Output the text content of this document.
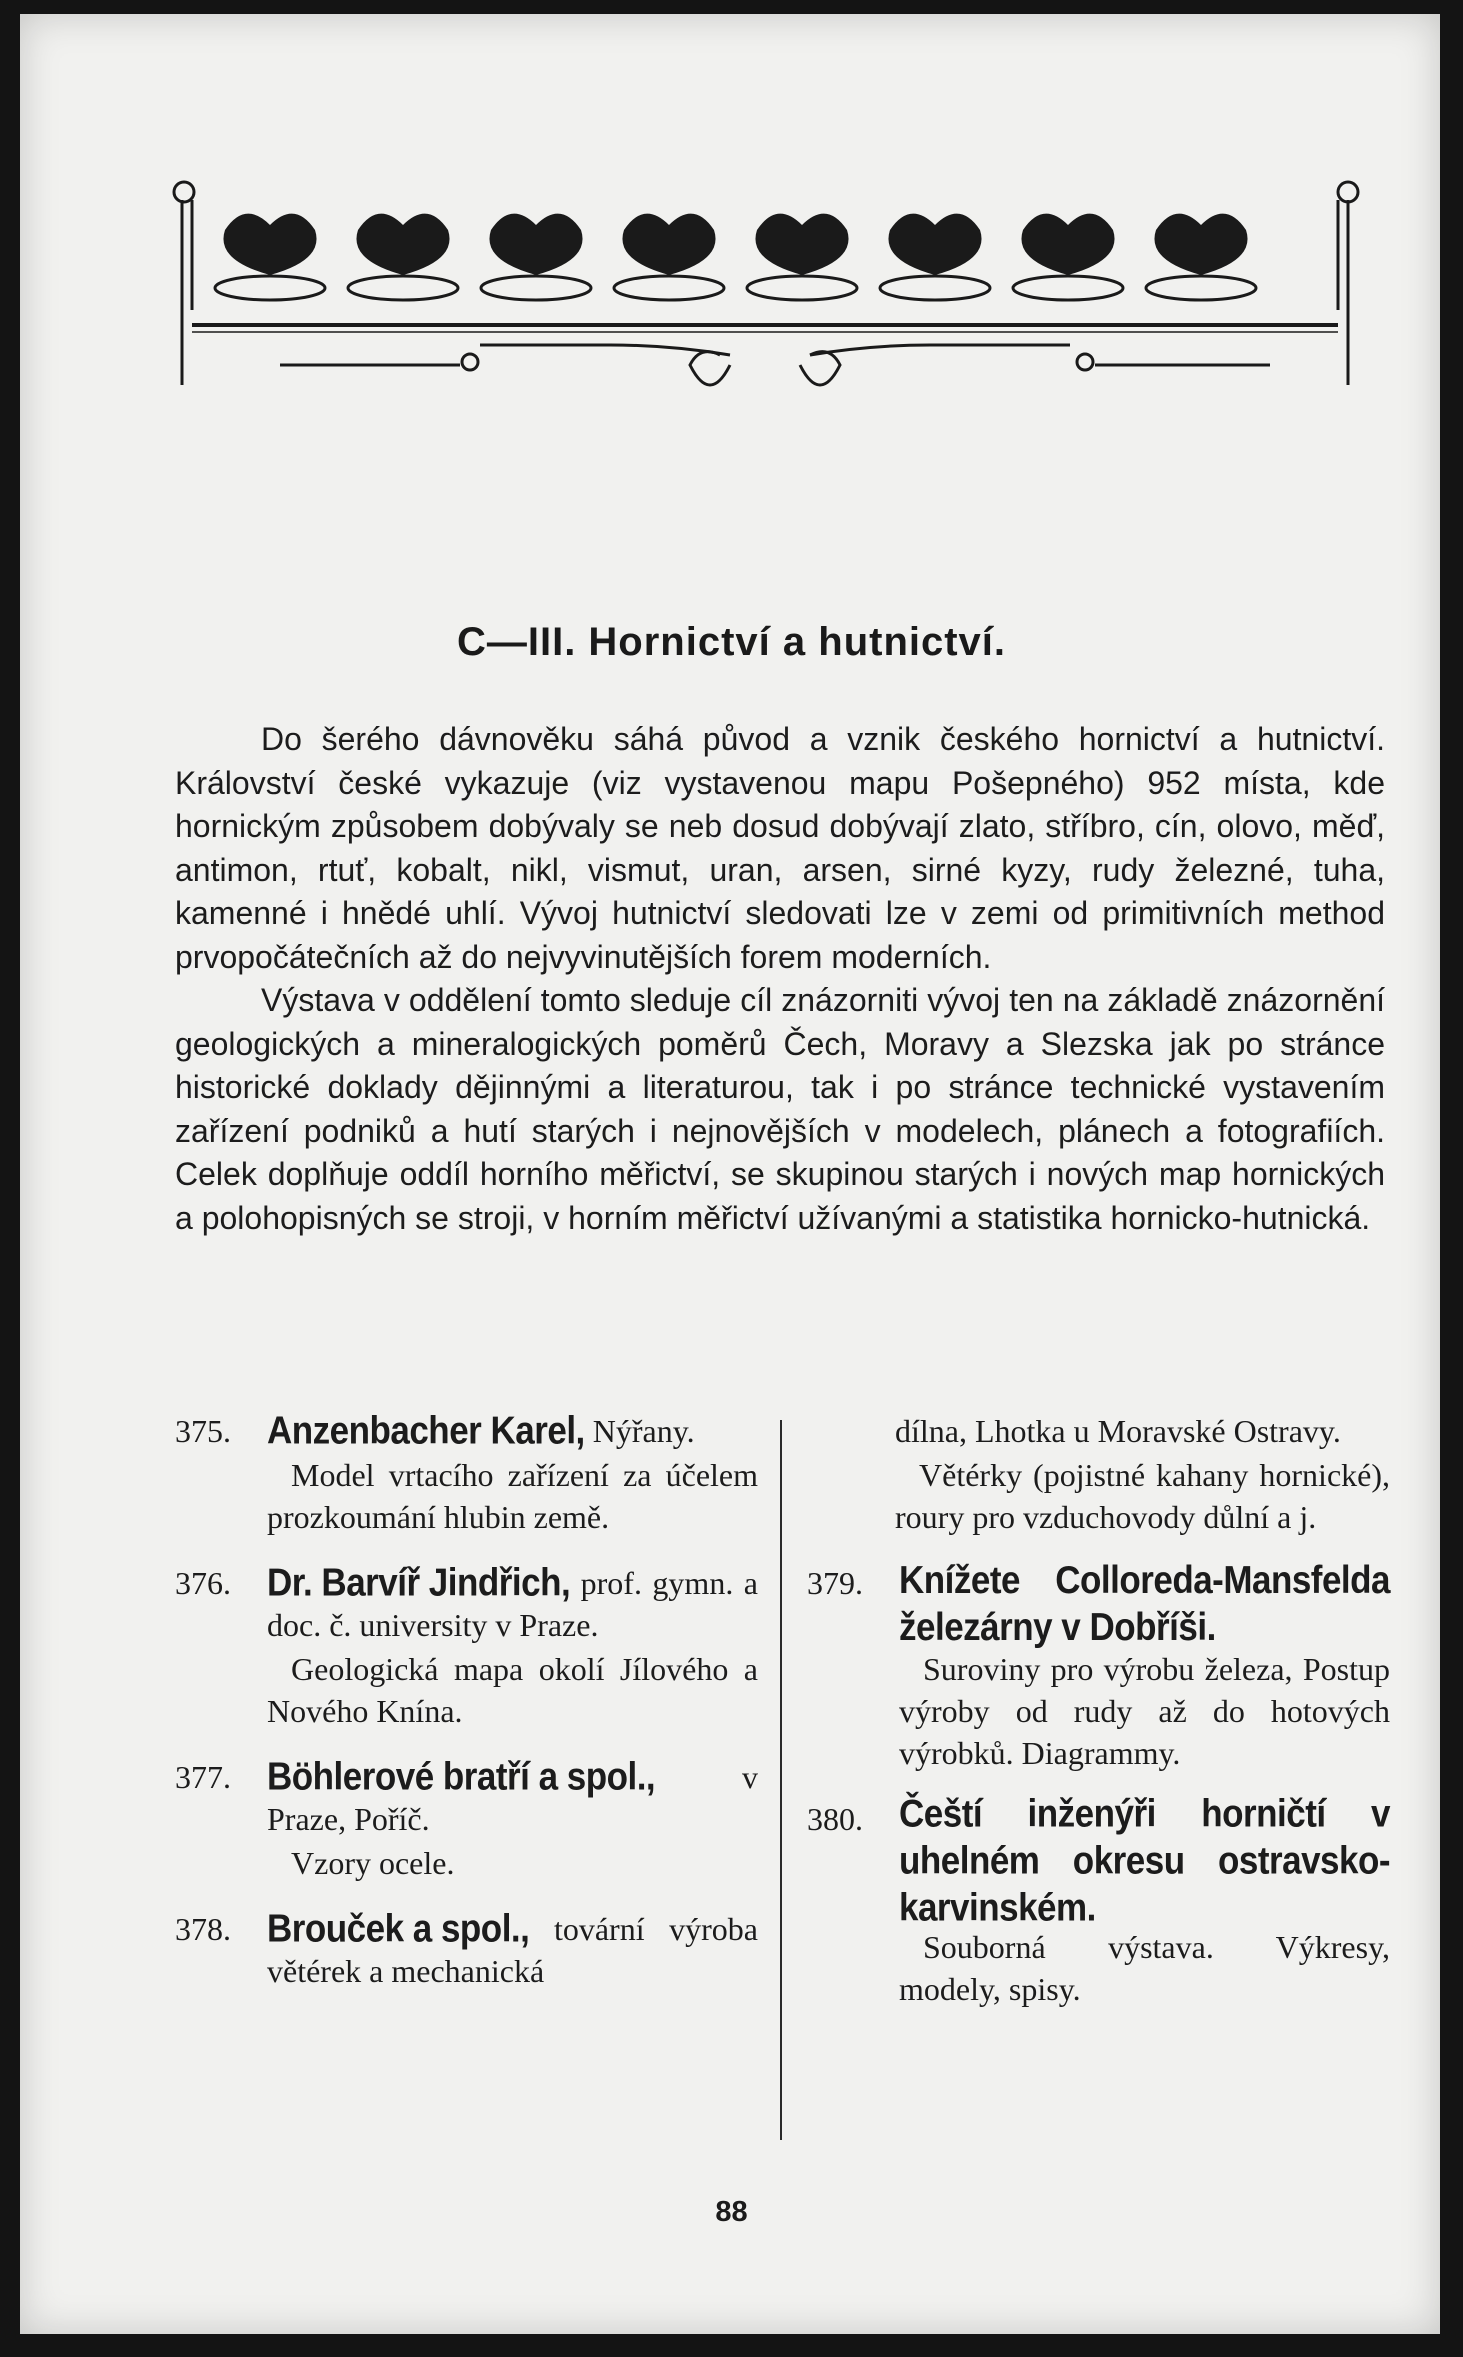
C—III. Hornictví a hutnictví.

Do šerého dávnověku sáhá původ a vznik českého hornictví a hutnictví. Království české vykazuje (viz vystavenou mapu Pošepného) 952 místa, kde hornickým způsobem dobývaly se neb dosud dobývají zlato, stříbro, cín, olovo, měď, antimon, rtuť, kobalt, nikl, vismut, uran, arsen, sirné kyzy, rudy železné, tuha, kamenné i hnědé uhlí. Vývoj hutnictví sledovati lze v zemi od primitivních method prvopočátečních až do nejvyvinutějších forem moderních.

Výstava v oddělení tomto sleduje cíl znázorniti vývoj ten na základě znázornění geologických a mineralogických poměrů Čech, Moravy a Slezska jak po stránce historické doklady dějinnými a literaturou, tak i po stránce technické vystavením zařízení podniků a hutí starých i nejnovějších v modelech, plánech a fotografiích. Celek doplňuje oddíl horního měřictví, se skupinou starých i nových map hornických a polohopisných se stroji, v horním měřictví užívanými a statistika hornicko-hutnická.

375.	Anzenbacher Karel, Nýřany.

Model vrtacího zařízení za účelem prozkoumání hlubin země.

376.	Dr. Barvíř Jindřich, prof. gymn. a doc. č. university v Praze.

Geologická mapa okolí Jílového a Nového Knína.

377.	Böhlerové bratří a spol., v Praze, Poříč.

Vzory ocele.

378.	Brouček a spol., tovární výroba větérek a mechanická
dílna, Lhotka u Moravské Ostravy.

Větérky (pojistné kahany hornické), roury pro vzduchovody důlní a j.

379.	Knížete Colloreda-Mansfelda železárny v Dobříši.

Suroviny pro výrobu železa, Postup výroby od rudy až do hotových výrobků. Diagrammy.

380.	Čeští inženýři horničtí v uhelném okresu ostravsko-karvinském.

Souborná výstava. Výkresy, modely, spisy.

88
